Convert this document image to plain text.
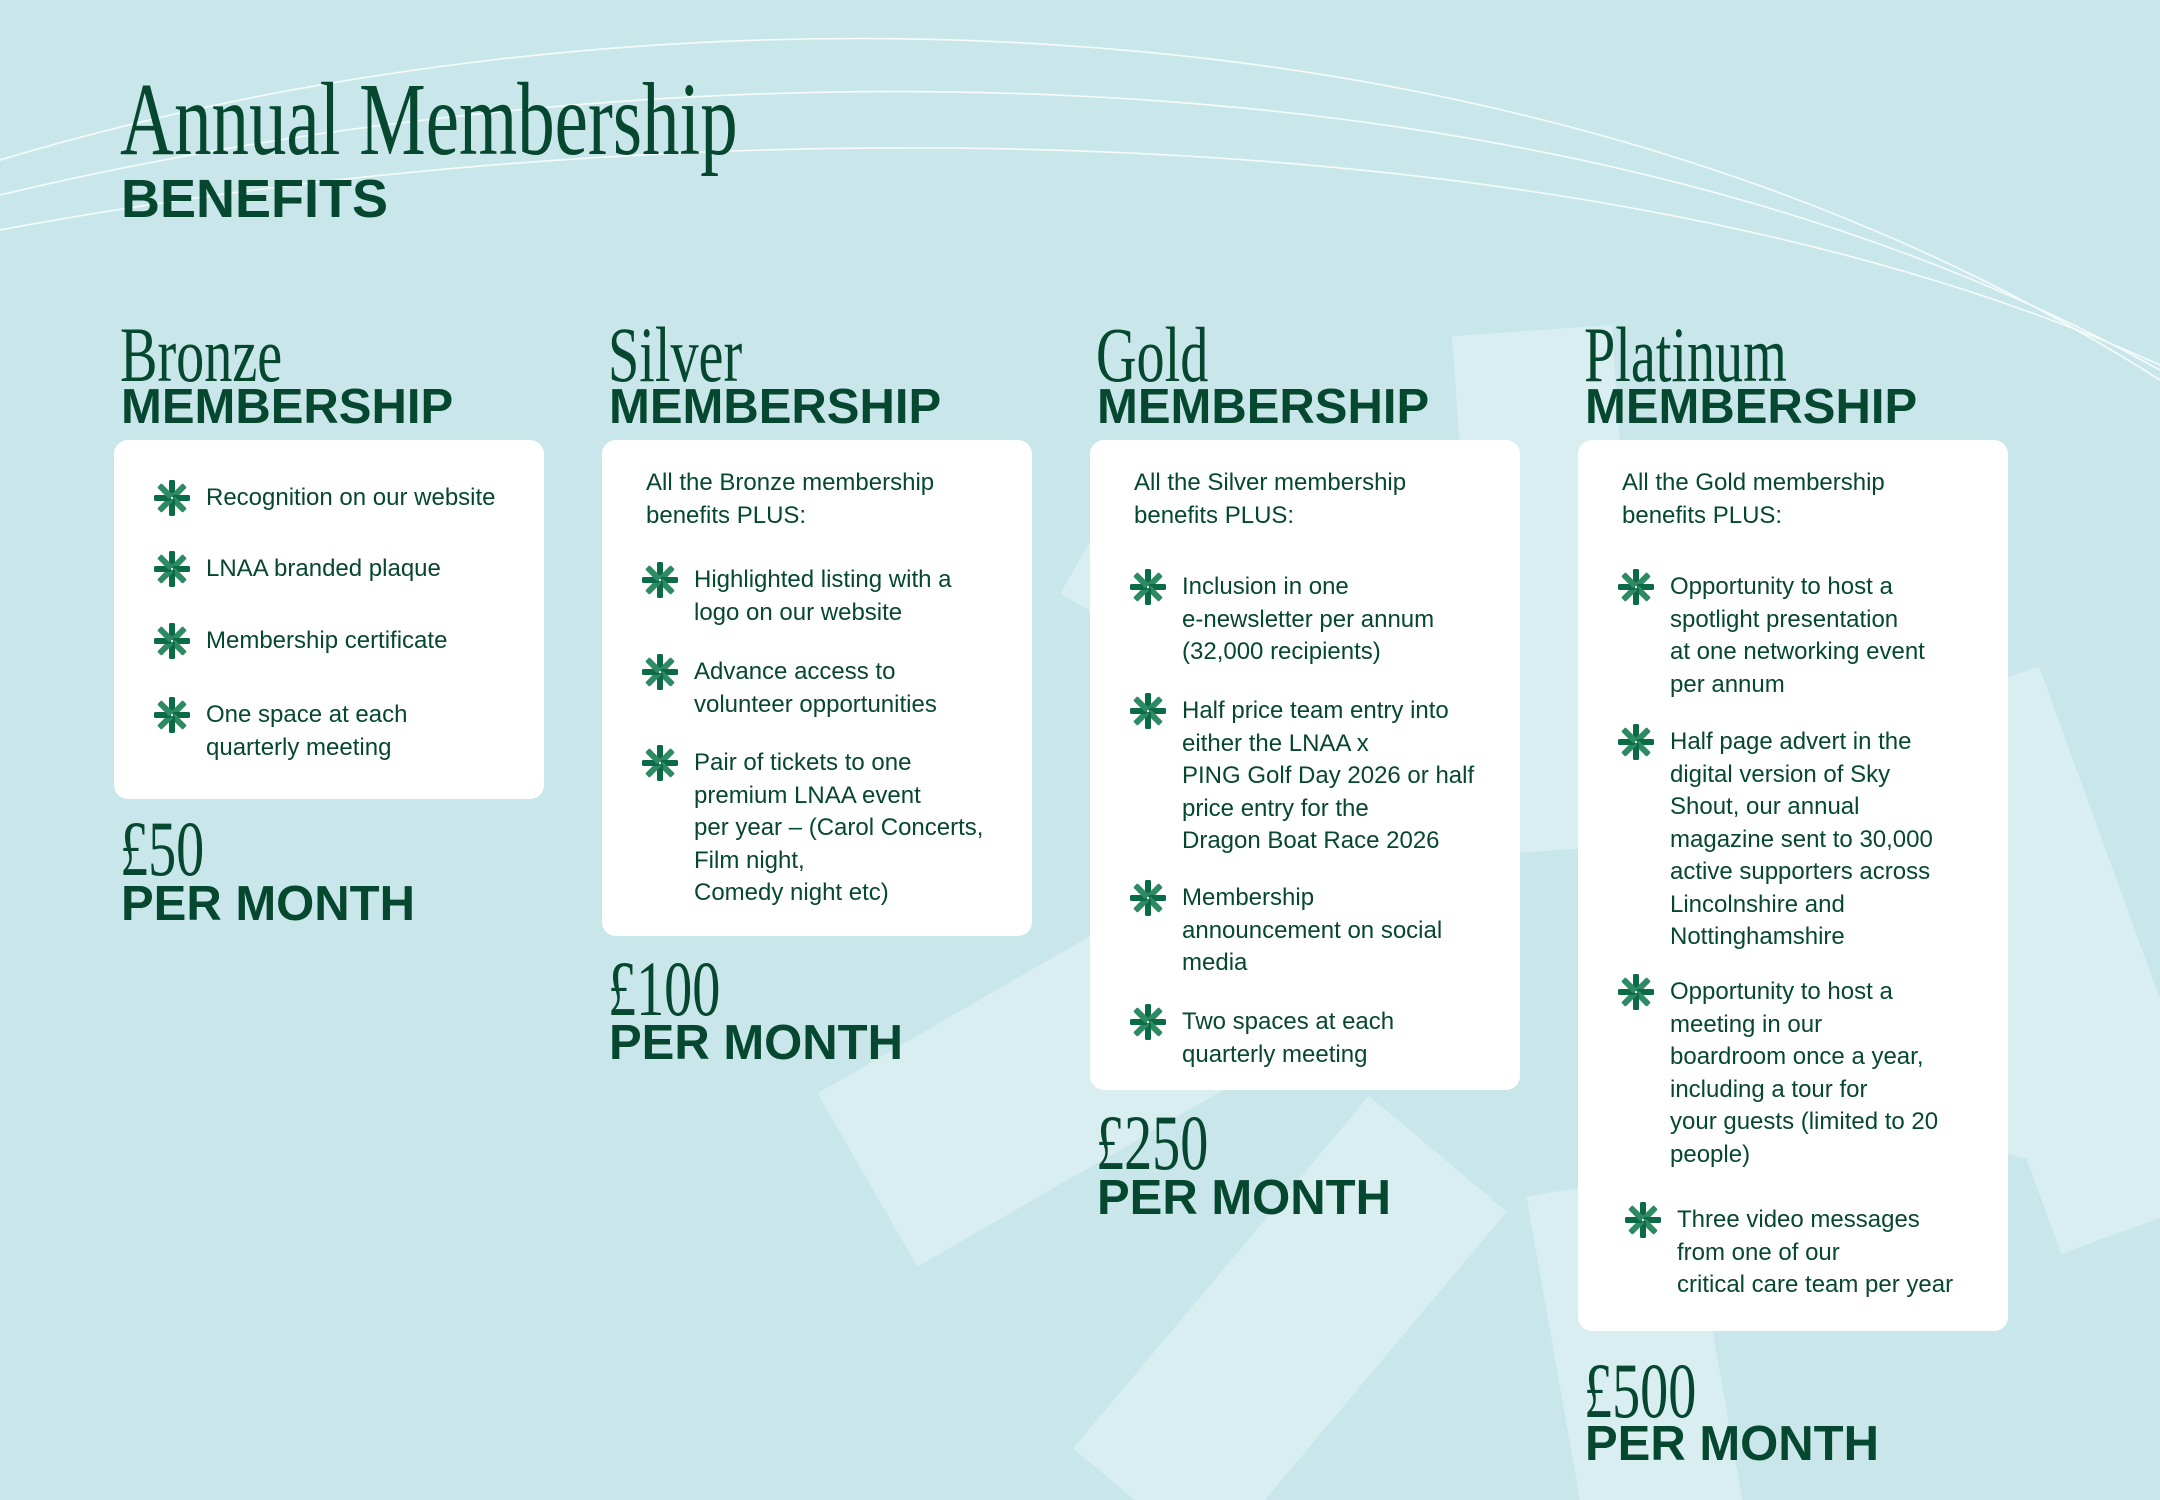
Annual Membership
BENEFITS
Bronze
MEMBERSHIP
Recognition on our website
LNAA branded plaque
Membership certificate
One space at each
quarterly meeting
£50
PER MONTH
Silver
MEMBERSHIP

All the Bronze membership
benefits PLUS:

Highlighted listing with a
logo on our website
Advance access to
volunteer opportunities
Pair of tickets to one
premium LNAA event
per year – (Carol Concerts,
Film night,
Comedy night etc)
£100
PER MONTH
Gold
MEMBERSHIP

All the Silver membership
benefits PLUS:

Inclusion in one
e-newsletter per annum
(32,000 recipients)
Half price team entry into
either the LNAA x
PING Golf Day 2026 or half
price entry for the
Dragon Boat Race 2026
Membership
announcement on social
media
Two spaces at each
quarterly meeting
£250
PER MONTH
Platinum
MEMBERSHIP

All the Gold membership
benefits PLUS:

Opportunity to host a
spotlight presentation
at one networking event
per annum
Half page advert in the
digital version of Sky
Shout, our annual
magazine sent to 30,000
active supporters across
Lincolnshire and
Nottinghamshire
Opportunity to host a
meeting in our
boardroom once a year,
including a tour for
your guests (limited to 20
people)
Three video messages
from one of our
critical care team per year
£500
PER MONTH
